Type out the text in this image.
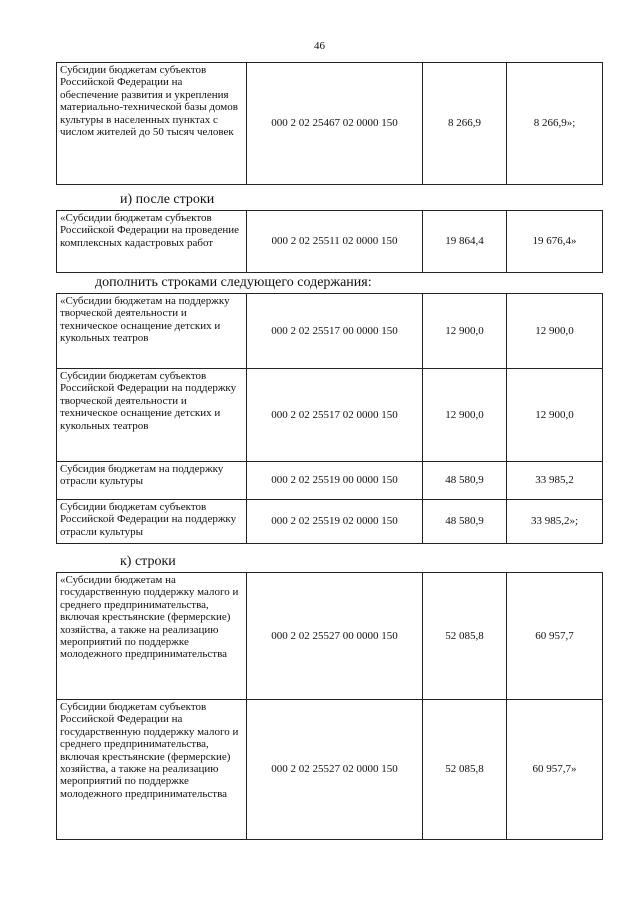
46
Субсидии бюджетам субъектов Российской Федерации на обеспечение развития и укрепления материально-технической базы домов культуры в населенных пунктах с числом жителей до 50 тысяч человек	000 2 02 25467 02 0000 150	8 266,9	8 266,9»;
и) после строки
«Субсидии бюджетам субъектов Российской Федерации на проведение комплексных кадастровых работ	000 2 02 25511 02 0000 150	19 864,4	19 676,4»
дополнить строками следующего содержания:
«Субсидии бюджетам на поддержку творческой деятельности и техническое оснащение детских и кукольных театров	000 2 02 25517 00 0000 150	12 900,0	12 900,0
Субсидии бюджетам субъектов Российской Федерации на поддержку творческой деятельности и техническое оснащение детских и кукольных театров	000 2 02 25517 02 0000 150	12 900,0	12 900,0
Субсидия бюджетам на поддержку отрасли культуры	000 2 02 25519 00 0000 150	48 580,9	33 985,2
Субсидии бюджетам субъектов Российской Федерации на поддержку отрасли культуры	000 2 02 25519 02 0000 150	48 580,9	33 985,2»;
к) строки
«Субсидии бюджетам на государственную поддержку малого и среднего предпринимательства, включая крестьянские (фермерские) хозяйства, а также на реализацию мероприятий по поддержке молодежного предпринимательства	000 2 02 25527 00 0000 150	52 085,8	60 957,7
Субсидии бюджетам субъектов Российской Федерации на государственную поддержку малого и среднего предпринимательства, включая крестьянские (фермерские) хозяйства, а также на реализацию мероприятий по поддержке молодежного предпринимательства	000 2 02 25527 02 0000 150	52 085,8	60 957,7»
